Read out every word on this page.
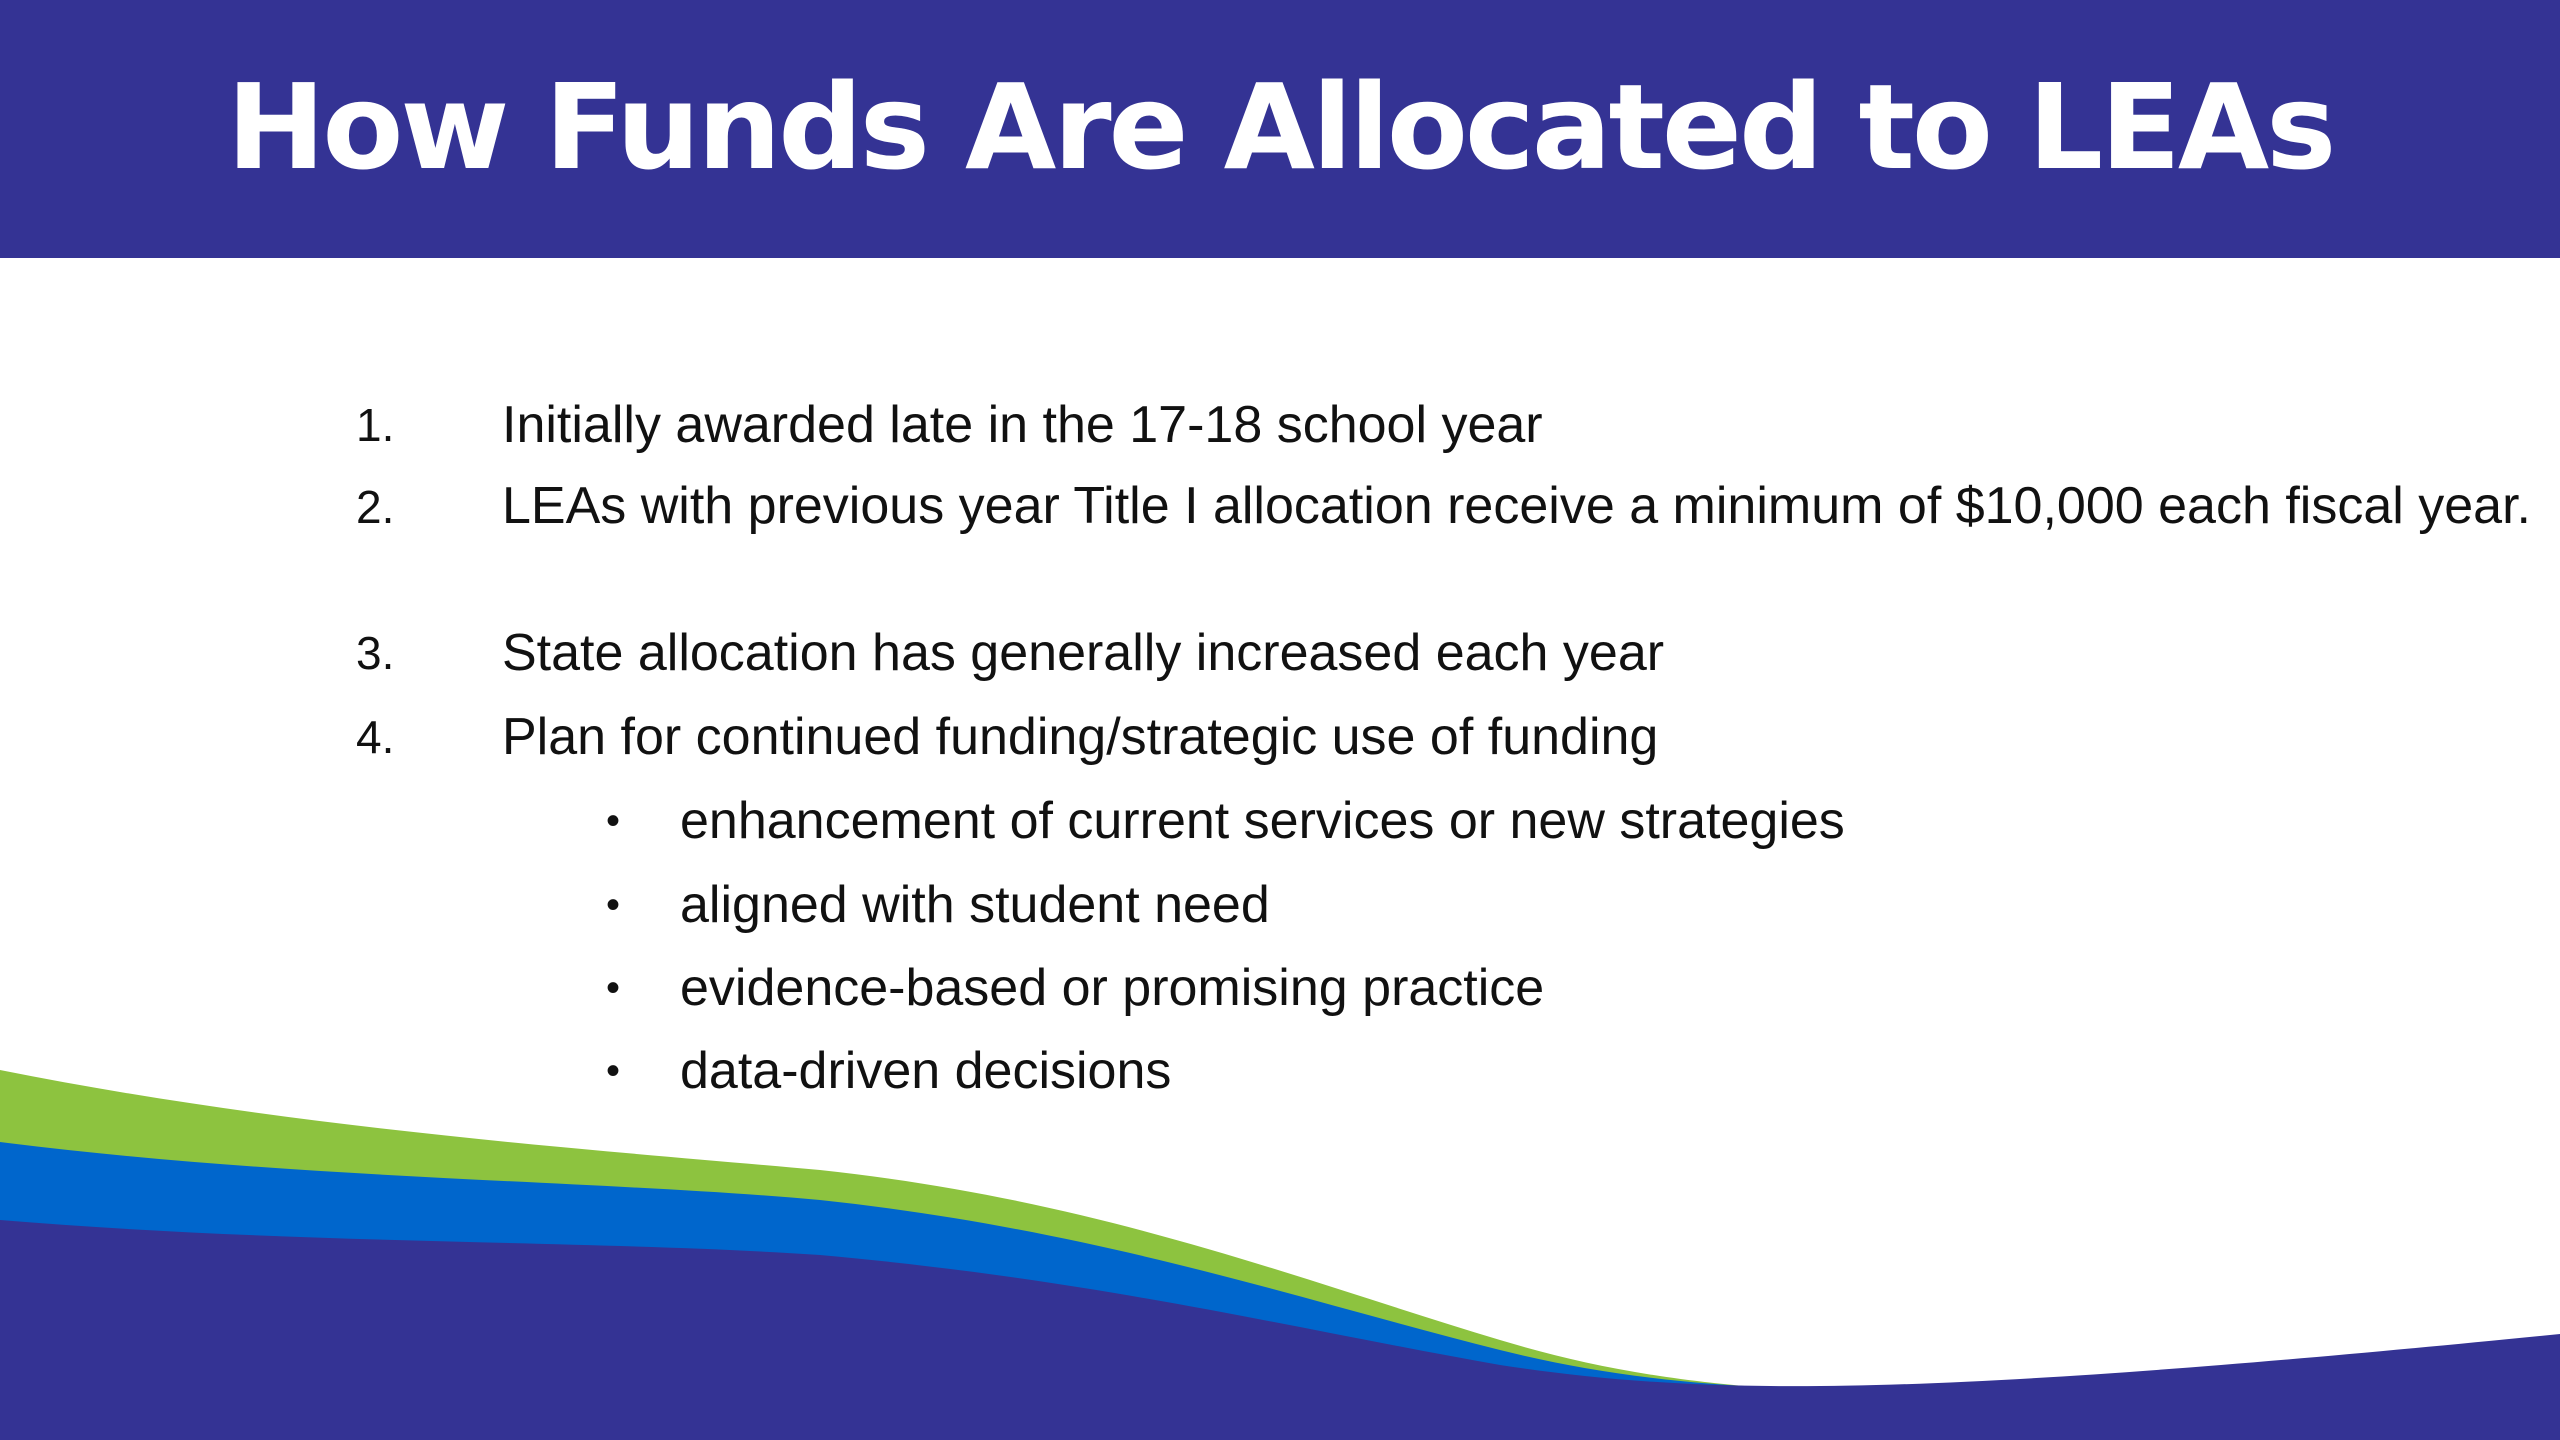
How Funds Are Allocated to LEAs
1. Initially awarded late in the 17-18 school year
2. LEAs with previous year Title I allocation receive a minimum of $10,000 each fiscal year.
3. State allocation has generally increased each year
4. Plan for continued funding/strategic use of funding
• enhancement of current services or new strategies
• aligned with student need
• evidence-based or promising practice
• data-driven decisions
